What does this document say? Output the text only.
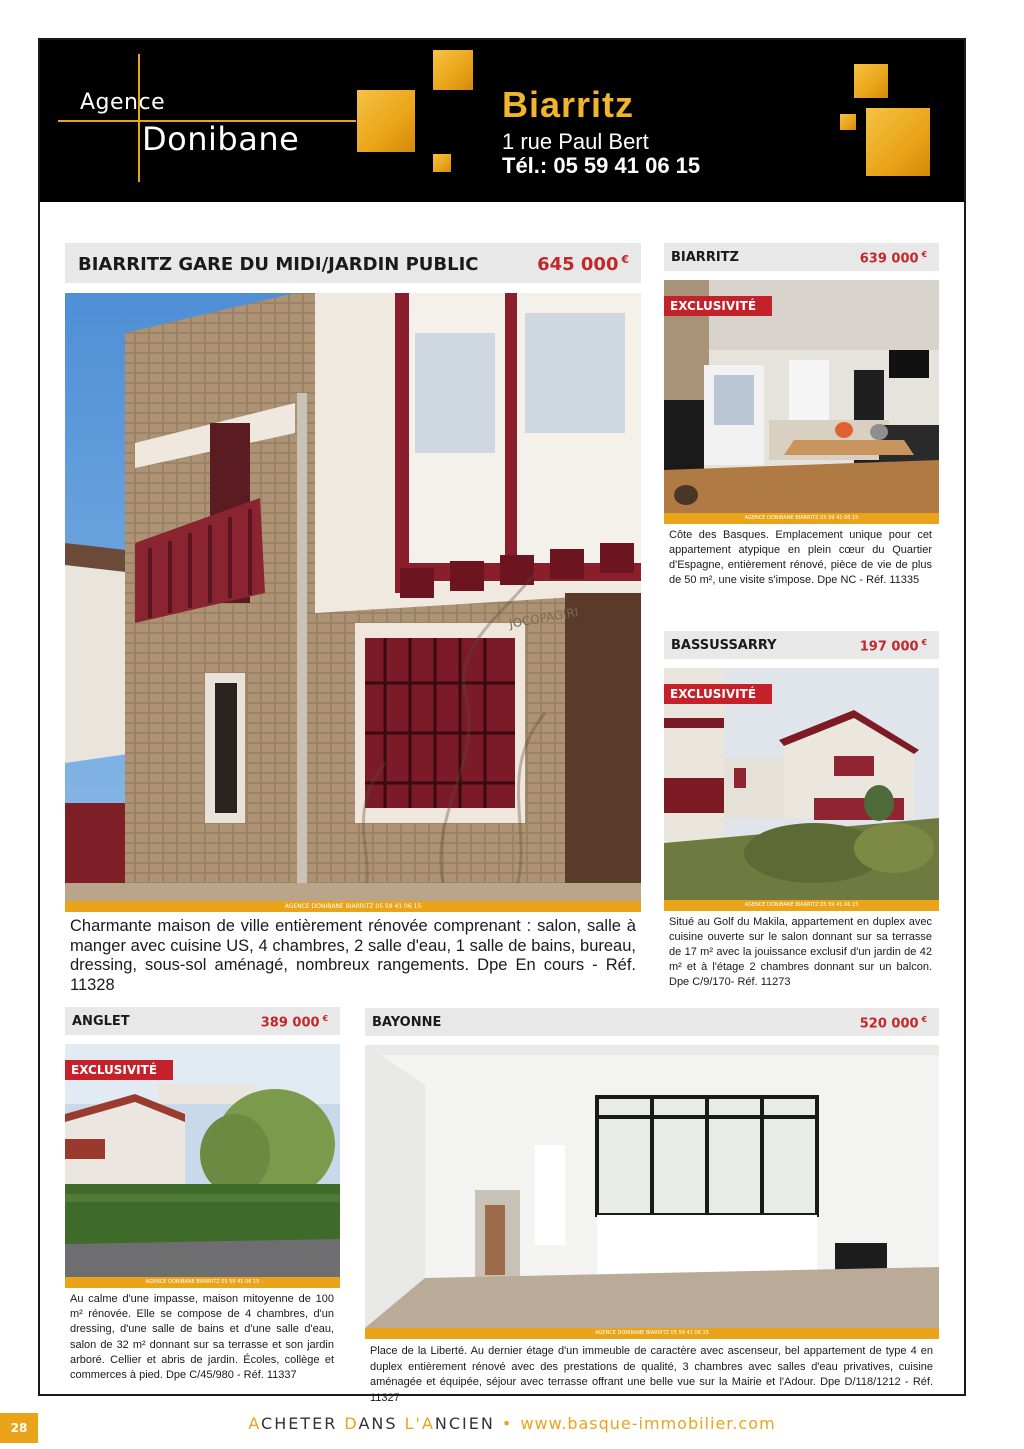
Agence
Donibane
Biarritz
1 rue Paul Bert
Tél.: 05 59 41 06 15
BIARRITZ GARE DU MIDI/JARDIN PUBLIC	645 000 €
JOCOPAGIRI
AGENCE DONIBANE BIARRITZ 05 59 41 06 15
Charmante maison de ville entièrement rénovée comprenant : salon, salle à manger avec cuisine US, 4 chambres, 2 salle d'eau, 1 salle de bains, bureau, dressing, sous-sol aménagé, nombreux rangements. Dpe En cours - Réf. 11328
BIARRITZ	639 000 €
EXCLUSIVITÉ
AGENCE DONIBANE BIARRITZ 05 59 41 06 15
Côte des Basques. Emplacement unique pour cet appartement atypique en plein cœur du Quartier d'Espagne, entièrement rénové, pièce de vie de plus de 50 m², une visite s'impose. Dpe NC - Réf. 11335
BASSUSSARRY	197 000 €
EXCLUSIVITÉ
AGENCE DONIBANE BIARRITZ 05 59 41 06 15
Situé au Golf du Makila, appartement en duplex avec cuisine ouverte sur le salon donnant sur sa terrasse de 17 m² avec la jouissance exclusif d'un jardin de 42 m² et à l'étage 2 chambres donnant sur un balcon. Dpe C/9/170- Réf. 11273
ANGLET	389 000 €
EXCLUSIVITÉ
AGENCE DONIBANE BIARRITZ 05 59 41 06 15
Au calme d'une impasse, maison mitoyenne de 100 m² rénovée. Elle se compose de 4 chambres, d'un dressing, d'une salle de bains et d'une salle d'eau, salon de 32 m² donnant sur sa terrasse et son jardin arboré. Cellier et abris de jardin. Écoles, collège et commerces à pied. Dpe C/45/980 - Réf. 11337
BAYONNE	520 000 €
AGENCE DONIBANE BIARRITZ 05 59 41 06 15
Place de la Liberté. Au dernier étage d'un immeuble de caractère avec ascenseur, bel appartement de type 4 en duplex entièrement rénové avec des prestations de qualité, 3 chambres avec salles d'eau privatives, cuisine aménagée et équipée, séjour avec terrasse offrant une belle vue sur la Mairie et l'Adour. Dpe D/118/1212 - Réf. 11327
28	ACHETER DANS L'ANCIEN • www.basque-immobilier.com
